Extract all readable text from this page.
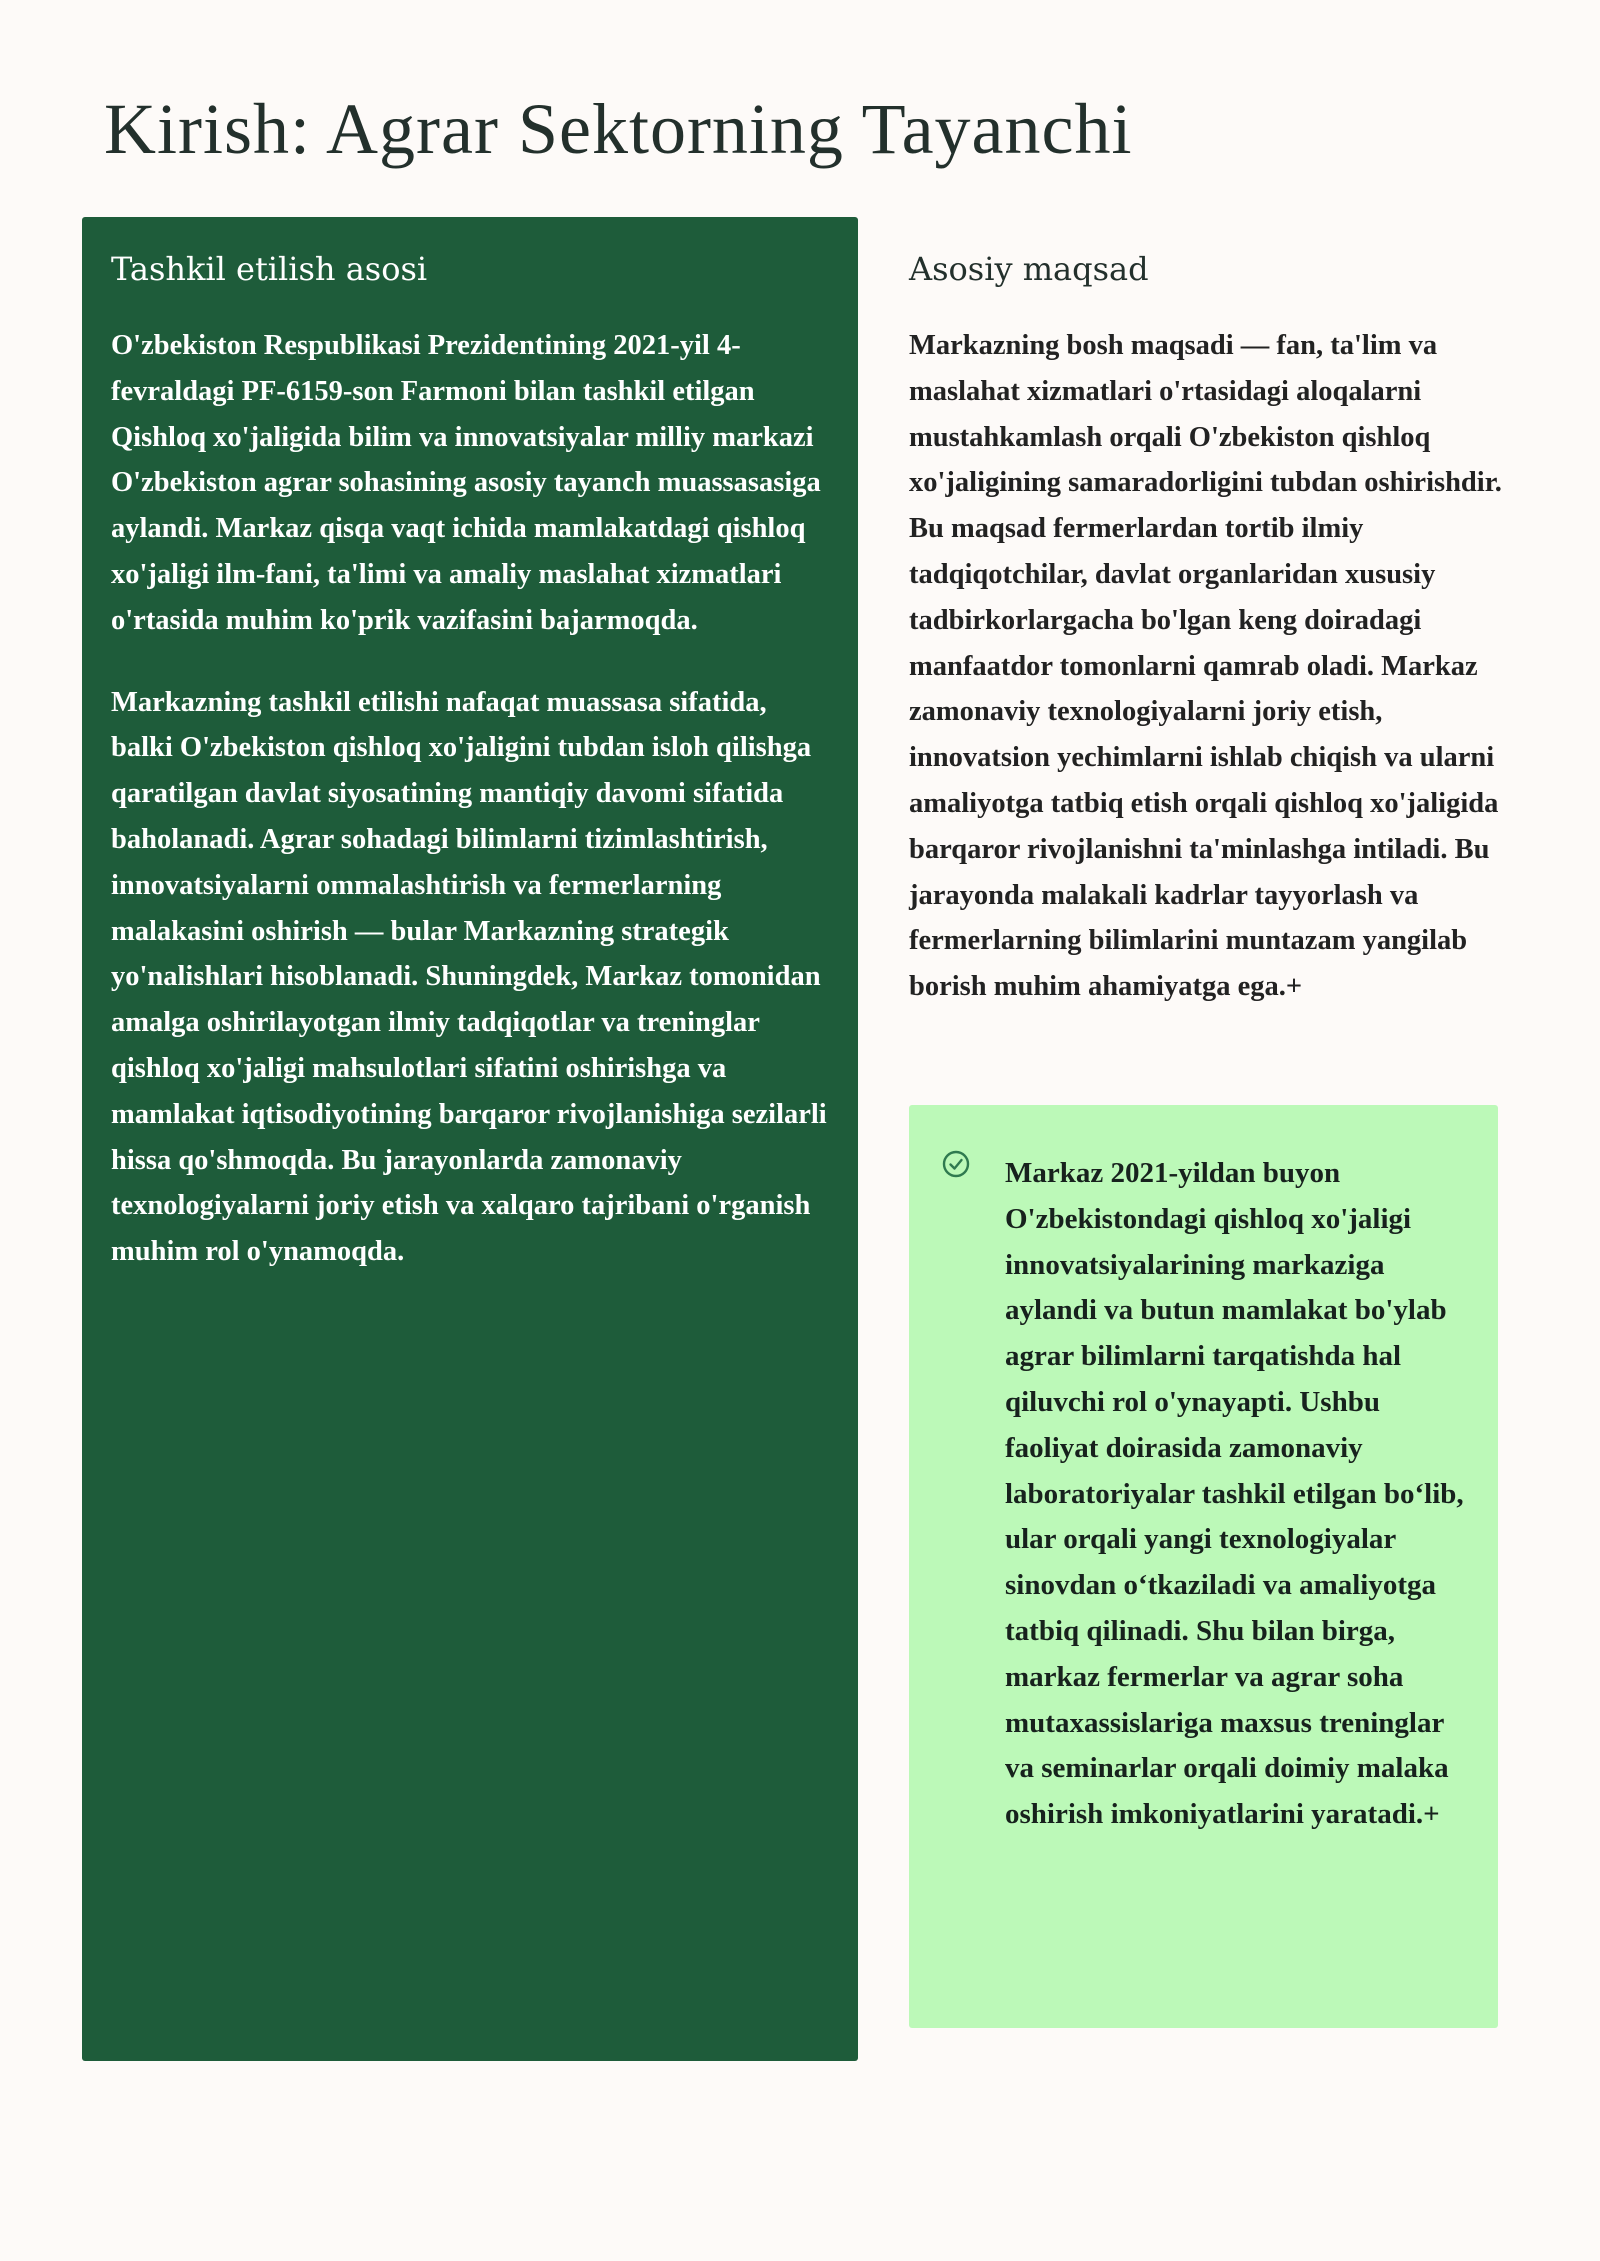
Kirish: Agrar Sektorning Tayanchi
Tashkil etilish asosi

O'zbekiston Respublikasi Prezidentining 2021-yil 4-fevraldagi PF-6159-son Farmoni bilan tashkil etilgan Qishloq xo'jaligida bilim va innovatsiyalar milliy markazi O'zbekiston agrar sohasining asosiy tayanch muassasasiga aylandi. Markaz qisqa vaqt ichida mamlakatdagi qishloq xo'jaligi ilm-fani, ta'limi va amaliy maslahat xizmatlari o'rtasida muhim ko'prik vazifasini bajarmoqda.

Markazning tashkil etilishi nafaqat muassasa sifatida, balki O'zbekiston qishloq xo'jaligini tubdan isloh qilishga qaratilgan davlat siyosatining mantiqiy davomi sifatida baholanadi. Agrar sohadagi bilimlarni tizimlashtirish, innovatsiyalarni ommalashtirish va fermerlarning malakasini oshirish — bular Markazning strategik yo'nalishlari hisoblanadi. Shuningdek, Markaz tomonidan amalga oshirilayotgan ilmiy tadqiqotlar va treninglar qishloq xo'jaligi mahsulotlari sifatini oshirishga va mamlakat iqtisodiyotining barqaror rivojlanishiga sezilarli hissa qo'shmoqda. Bu jarayonlarda zamonaviy texnologiyalarni joriy etish va xalqaro tajribani o'rganish muhim rol o'ynamoqda.

Asosiy maqsad

Markazning bosh maqsadi — fan, ta'lim va maslahat xizmatlari o'rtasidagi aloqalarni mustahkamlash orqali O'zbekiston qishloq xo'jaligining samaradorligini tubdan oshirishdir. Bu maqsad fermerlardan tortib ilmiy tadqiqotchilar, davlat organlaridan xususiy tadbirkorlargacha bo'lgan keng doiradagi manfaatdor tomonlarni qamrab oladi. Markaz zamonaviy texnologiyalarni joriy etish, innovatsion yechimlarni ishlab chiqish va ularni amaliyotga tatbiq etish orqali qishloq xo'jaligida barqaror rivojlanishni ta'minlashga intiladi. Bu jarayonda malakali kadrlar tayyorlash va fermerlarning bilimlarini muntazam yangilab borish muhim ahamiyatga ega.+

Markaz 2021-yildan buyon O'zbekistondagi qishloq xo'jaligi innovatsiyalarining markaziga aylandi va butun mamlakat bo'ylab agrar bilimlarni tarqatishda hal qiluvchi rol o'ynayapti. Ushbu faoliyat doirasida zamonaviy laboratoriyalar tashkil etilgan bo‘lib, ular orqali yangi texnologiyalar sinovdan o‘tkaziladi va amaliyotga tatbiq qilinadi. Shu bilan birga, markaz fermerlar va agrar soha mutaxassislariga maxsus treninglar va seminarlar orqali doimiy malaka oshirish imkoniyatlarini yaratadi.+
